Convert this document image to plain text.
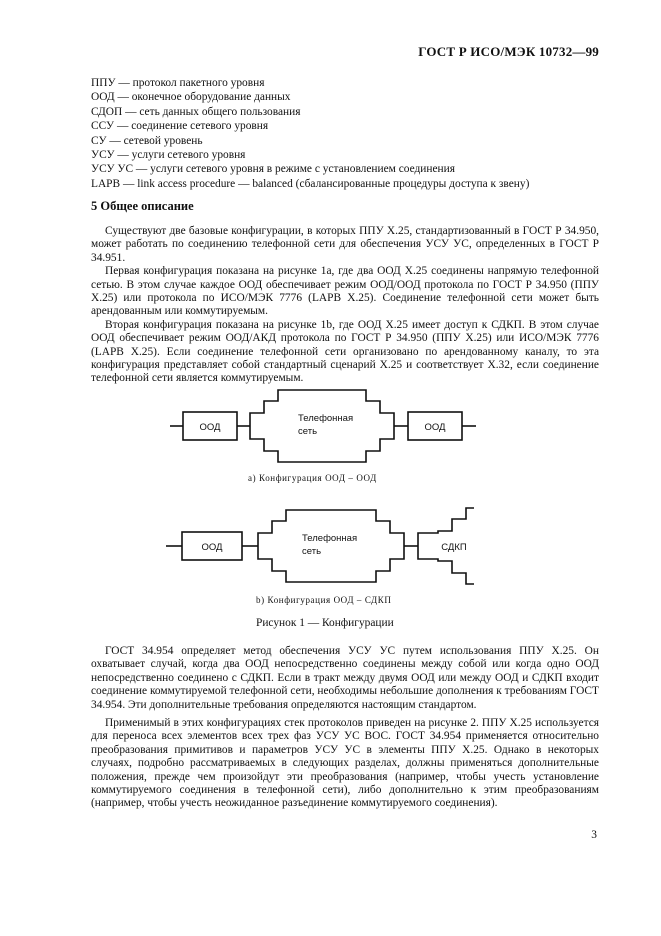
ГОСТ Р ИСО/МЭК 10732—99
ППУ — протокол пакетного уровня
ООД — оконечное оборудование данных
СДОП — сеть данных общего пользования
ССУ — соединение сетевого уровня
СУ — сетевой уровень
УСУ — услуги сетевого уровня
УСУ УС — услуги сетевого уровня в режиме с установлением соединения
LAPB — link access procedure — balanced (сбалансированные процедуры доступа к звену)
5 Общее описание

Существуют две базовые конфигурации, в которых ППУ Х.25, стандартизованный в ГОСТ Р 34.950, может работать по соединению телефонной сети для обеспечения УСУ УС, определенных в ГОСТ Р 34.951.

Первая конфигурация показана на рисунке 1a, где два ООД Х.25 соединены напрямую телефонной сетью. В этом случае каждое ООД обеспечивает режим ООД/ООД протокола по ГОСТ Р 34.950 (ППУ Х.25) или протокола по ИСО/МЭК 7776 (LAPB Х.25). Соединение телефонной сети может быть арендованным или коммутируемым.

Вторая конфигурация показана на рисунке 1b, где ООД Х.25 имеет доступ к СДКП. В этом случае ООД обеспечивает режим ООД/АКД протокола по ГОСТ Р 34.950 (ППУ Х.25) или ИСО/МЭК 7776 (LAPB Х.25). Если соединение телефонной сети организовано по арендованному каналу, то эта конфигурация представляет собой стандартный сценарий Х.25 и соответствует Х.32, если соединение телефонной сети является коммутируемым.

ООД
Телефонная
сеть	ООД
a) Конфигурация ООД – ООД
ООД
Телефонная
сеть	СДКП
b) Конфигурация ООД – СДКП
Рисунок 1 — Конфигурации

ГОСТ 34.954 определяет метод обеспечения УСУ УС путем использования ППУ Х.25. Он охватывает случай, когда два ООД непосредственно соединены между собой или когда одно ООД непосредственно соединено с СДКП. Если в тракт между двумя ООД или между ООД и СДКП входит соединение коммутируемой телефонной сети, необходимы небольшие дополнения к требованиям ГОСТ 34.954. Эти дополнительные требования определяются настоящим стандартом.

Применимый в этих конфигурациях стек протоколов приведен на рисунке 2. ППУ Х.25 используется для переноса всех элементов всех трех фаз УСУ УС ВОС. ГОСТ 34.954 применяется относительно преобразования примитивов и параметров УСУ УС в элементы ППУ Х.25. Однако в некоторых случаях, подробно рассматриваемых в следующих разделах, должны применяться дополнительные положения, прежде чем произойдут эти преобразования (например, чтобы учесть установление коммутируемого соединения в телефонной сети), либо дополнительно к этим преобразованиям (например, чтобы учесть неожиданное разъединение коммутируемого соединения).

3
